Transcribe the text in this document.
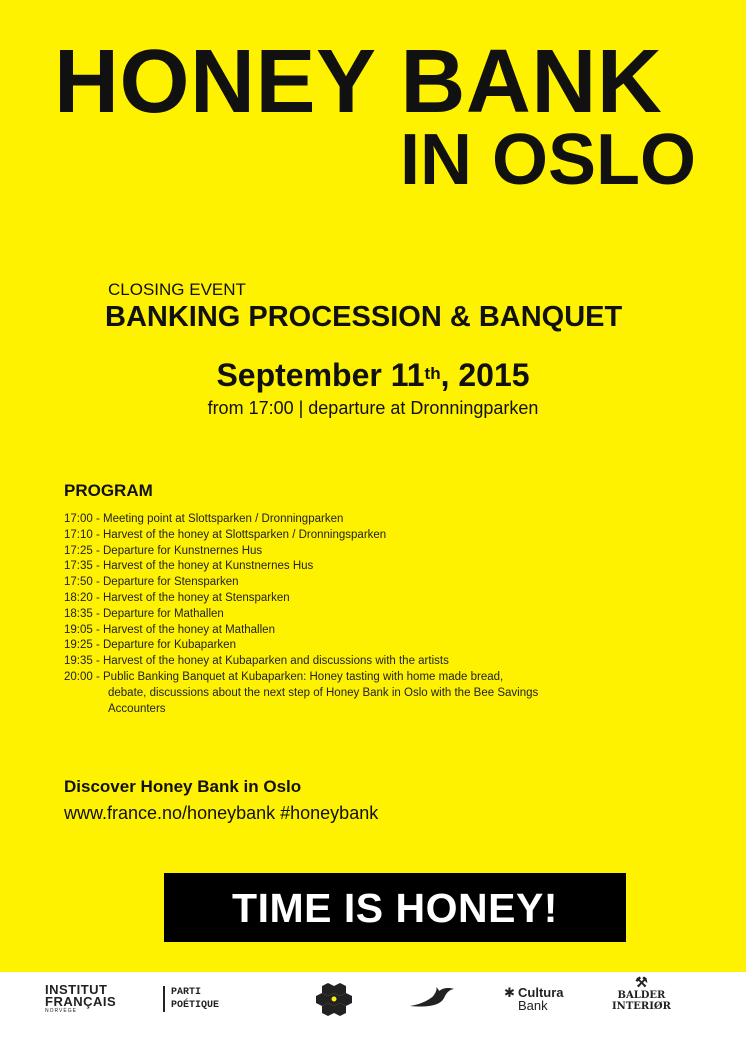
HONEY BANK
IN OSLO
CLOSING EVENT
BANKING PROCESSION & BANQUET
September 11th, 2015
from 17:00 | departure at Dronningparken
PROGRAM
17:00 - Meeting point at Slottsparken / Dronningparken
17:10 - Harvest of the honey at Slottsparken / Dronningsparken
17:25 - Departure for Kunstnernes Hus
17:35 - Harvest of the honey at Kunstnernes Hus
17:50 - Departure for Stensparken
18:20 - Harvest of the honey at Stensparken
18:35 - Departure for Mathallen
19:05 - Harvest of the honey at Mathallen
19:25 - Departure for Kubaparken
19:35 - Harvest of the honey at Kubaparken and discussions with the artists
20:00 - Public Banking Banquet at Kubaparken: Honey tasting with home made bread,
debate, discussions about the next step of Honey Bank in Oslo with the Bee Savings Accounters
Discover Honey Bank in Oslo
www.france.no/honeybank #honeybank
TIME IS HONEY!
INSTITUT
FRANÇAIS
NORVÈGE
PARTI
POÉTIQUE
✱ Cultura
Bank
⚒
BALDER
INTERIØR
